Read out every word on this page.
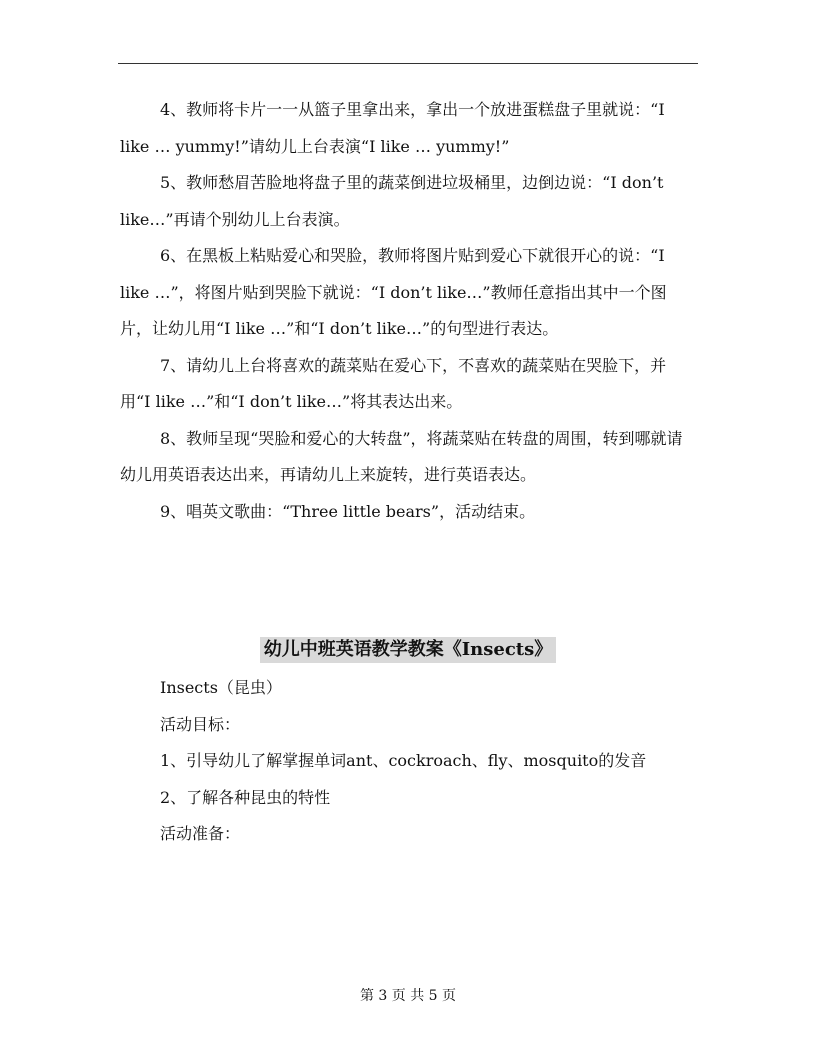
4、教师将卡片一一从篮子里拿出来，拿出一个放进蛋糕盘子里就说：“I like … yummy!”请幼儿上台表演“I like … yummy!”

5、教师愁眉苦脸地将盘子里的蔬菜倒进垃圾桶里，边倒边说：“I don’t like…”再请个别幼儿上台表演。

6、在黑板上粘贴爱心和哭脸，教师将图片贴到爱心下就很开心的说：“I like …”，将图片贴到哭脸下就说：“I don’t like…”教师任意指出其中一个图片，让幼儿用“I like …”和“I don’t like…”的句型进行表达。

7、请幼儿上台将喜欢的蔬菜贴在爱心下，不喜欢的蔬菜贴在哭脸下，并用“I like …”和“I don’t like…”将其表达出来。

8、教师呈现“哭脸和爱心的大转盘”，将蔬菜贴在转盘的周围，转到哪就请幼儿用英语表达出来，再请幼儿上来旋转，进行英语表达。

9、唱英文歌曲：“Three little bears”，活动结束。

幼儿中班英语教学教案《Insects》

Insects（昆虫）

活动目标：

1、引导幼儿了解掌握单词ant、cockroach、fly、mosquito的发音

2、了解各种昆虫的特性

活动准备：

第 3 页 共 5 页
